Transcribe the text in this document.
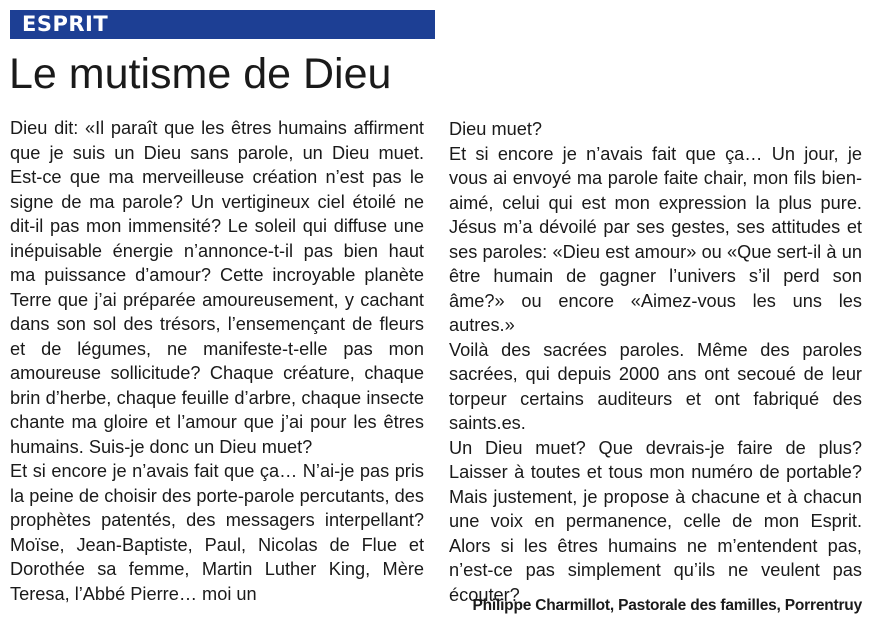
ESPRIT
Le mutisme de Dieu

Dieu dit: «Il paraît que les êtres humains affirment que je suis un Dieu sans parole, un Dieu muet. Est-ce que ma merveilleuse création n’est pas le signe de ma parole? Un vertigineux ciel étoilé ne dit-il pas mon immensité? Le soleil qui diffuse une inépuisable énergie n’annonce-t-il pas bien haut ma puissance d’amour? Cette incroyable planète Terre que j’ai préparée amoureusement, y cachant dans son sol des trésors, l’ensemençant de fleurs et de légumes, ne manifeste-t-elle pas mon amoureuse sollicitude? Chaque créature, chaque brin d’herbe, chaque feuille d’arbre, chaque insecte chante ma gloire et l’amour que j’ai pour les êtres humains. Suis-je donc un Dieu muet?

Et si encore je n’avais fait que ça… N’ai-je pas pris la peine de choisir des porte-parole percutants, des prophètes patentés, des messagers interpellant? Moïse, Jean-Baptiste, Paul, Nicolas de Flue et Dorothée sa femme, Martin Luther King, Mère Teresa, l’Abbé Pierre… moi un

Dieu muet?

Et si encore je n’avais fait que ça… Un jour, je vous ai envoyé ma parole faite chair, mon fils bien-aimé, celui qui est mon expression la plus pure. Jésus m’a dévoilé par ses gestes, ses attitudes et ses paroles: «Dieu est amour» ou «Que sert-il à un être humain de gagner l’univers s’il perd son âme?» ou encore «Aimez-vous les uns les autres.»

Voilà des sacrées paroles. Même des paroles sacrées, qui depuis 2000 ans ont secoué de leur torpeur certains auditeurs et ont fabriqué des saints.es.

Un Dieu muet? Que devrais-je faire de plus? Laisser à toutes et tous mon numéro de portable? Mais justement, je propose à chacune et à chacun une voix en permanence, celle de mon Esprit. Alors si les êtres humains ne m’entendent pas, n’est-ce pas simplement qu’ils ne veulent pas écouter?

Philippe Charmillot, Pastorale des familles, Porrentruy
